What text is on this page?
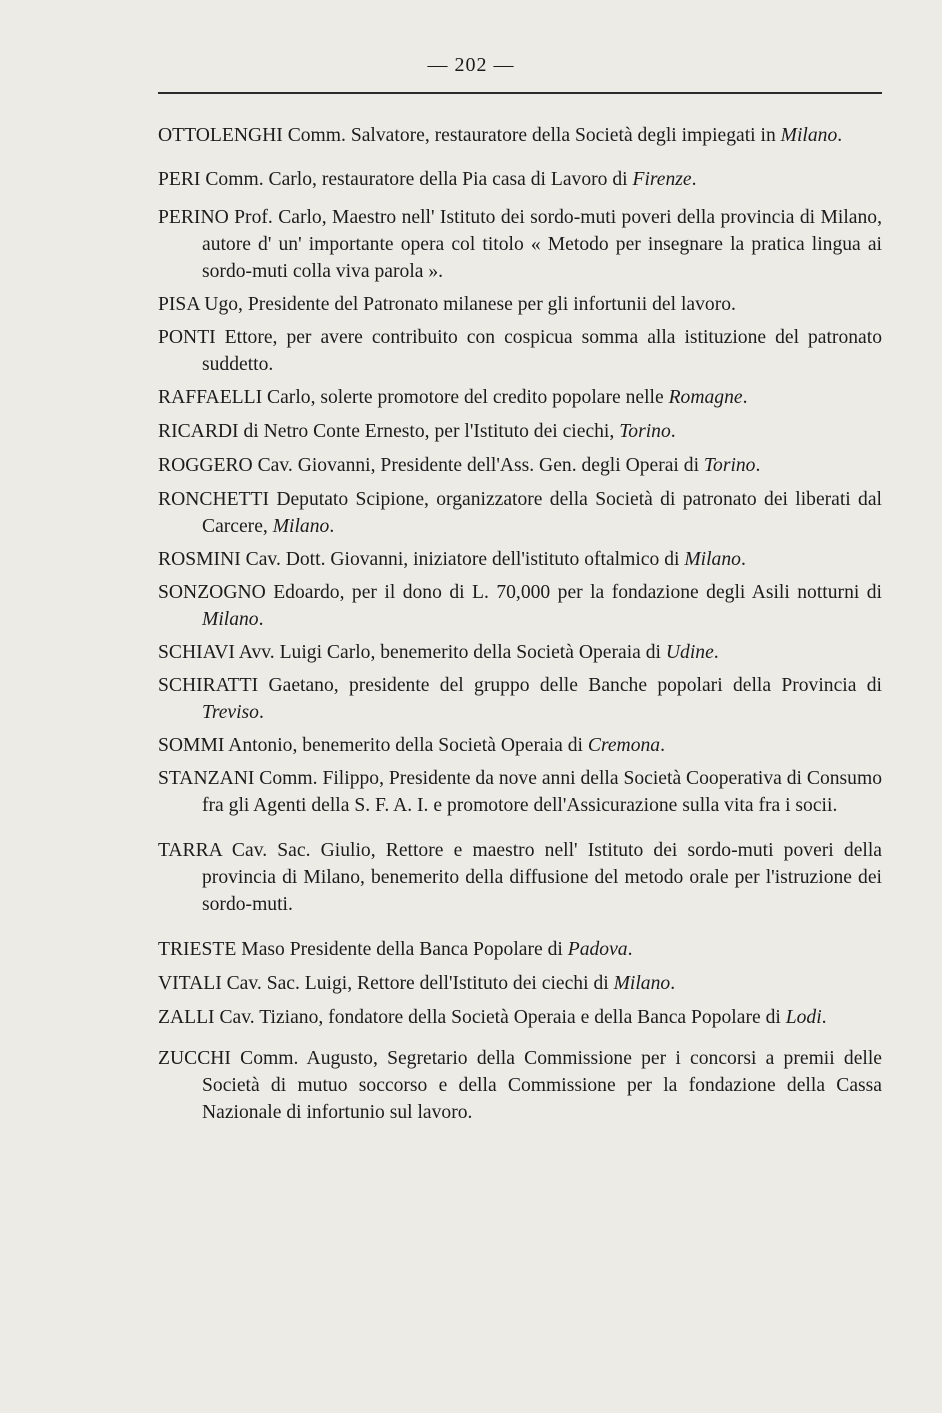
— 202 —

OTTOLENGHI Comm. Salvatore, restauratore della Società degli impiegati in Milano.

PERI Comm. Carlo, restauratore della Pia casa di Lavoro di Firenze.

PERINO Prof. Carlo, Maestro nell' Istituto dei sordo-muti poveri della provincia di Milano, autore d' un' importante opera col titolo « Metodo per insegnare la pratica lingua ai sordo-muti colla viva parola ».

PISA Ugo, Presidente del Patronato milanese per gli infortunii del lavoro.

PONTI Ettore, per avere contribuito con cospicua somma alla istituzione del patronato suddetto.

RAFFAELLI Carlo, solerte promotore del credito popolare nelle Romagne.

RICARDI di Netro Conte Ernesto, per l'Istituto dei ciechi, Torino.

ROGGERO Cav. Giovanni, Presidente dell'Ass. Gen. degli Operai di Torino.

RONCHETTI Deputato Scipione, organizzatore della Società di patronato dei liberati dal Carcere, Milano.

ROSMINI Cav. Dott. Giovanni, iniziatore dell'istituto oftalmico di Milano.

SONZOGNO Edoardo, per il dono di L. 70,000 per la fondazione degli Asili notturni di Milano.

SCHIAVI Avv. Luigi Carlo, benemerito della Società Operaia di Udine.

SCHIRATTI Gaetano, presidente del gruppo delle Banche popolari della Provincia di Treviso.

SOMMI Antonio, benemerito della Società Operaia di Cremona.

STANZANI Comm. Filippo, Presidente da nove anni della Società Cooperativa di Consumo fra gli Agenti della S. F. A. I. e promotore dell'Assicurazione sulla vita fra i socii.

TARRA Cav. Sac. Giulio, Rettore e maestro nell' Istituto dei sordo-muti poveri della provincia di Milano, benemerito della diffusione del metodo orale per l'istruzione dei sordo-muti.

TRIESTE Maso Presidente della Banca Popolare di Padova.

VITALI Cav. Sac. Luigi, Rettore dell'Istituto dei ciechi di Milano.

ZALLI Cav. Tiziano, fondatore della Società Operaia e della Banca Popolare di Lodi.

ZUCCHI Comm. Augusto, Segretario della Commissione per i concorsi a premii delle Società di mutuo soccorso e della Commissione per la fondazione della Cassa Nazionale di infortunio sul lavoro.
